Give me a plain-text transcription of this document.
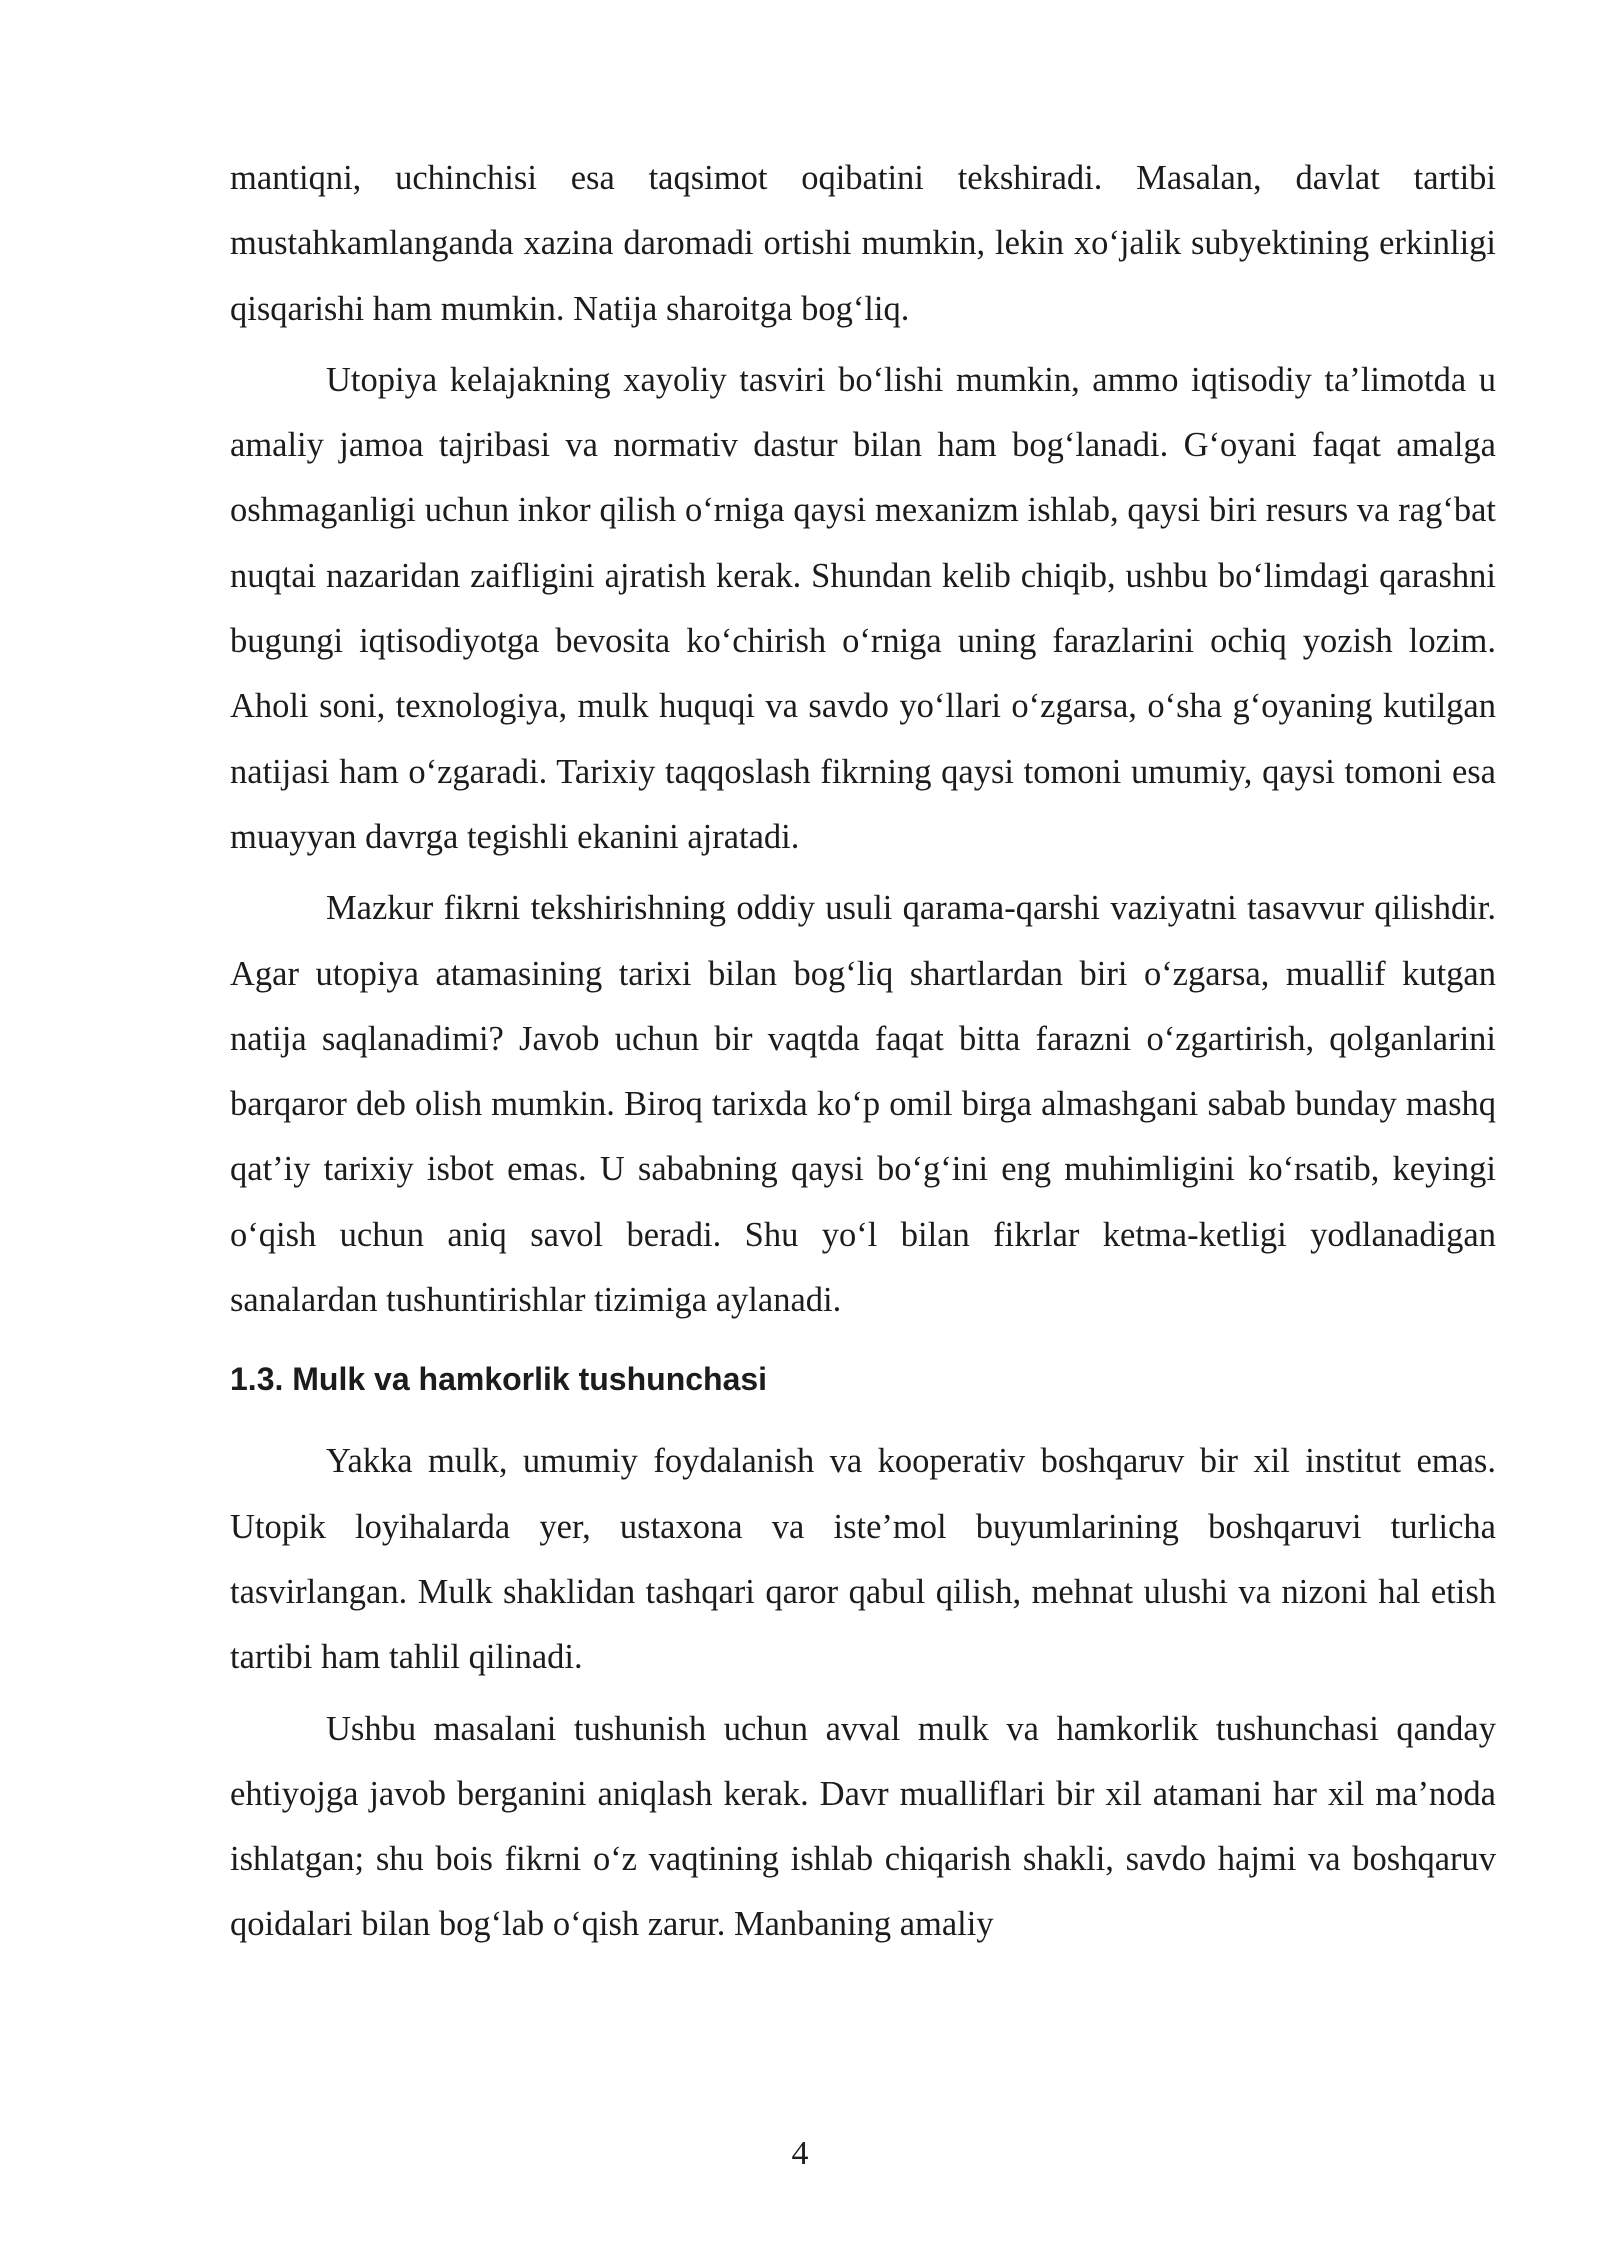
mantiqni, uchinchisi esa taqsimot oqibatini tekshiradi. Masalan, davlat tartibi mustahkamlanganda xazina daromadi ortishi mumkin, lekin xo‘jalik subyektining erkinligi qisqarishi ham mumkin. Natija sharoitga bog‘liq.

Utopiya kelajakning xayoliy tasviri bo‘lishi mumkin, ammo iqtisodiy ta’limotda u amaliy jamoa tajribasi va normativ dastur bilan ham bog‘lanadi. G‘oyani faqat amalga oshmaganligi uchun inkor qilish o‘rniga qaysi mexanizm ishlab, qaysi biri resurs va rag‘bat nuqtai nazaridan zaifligini ajratish kerak. Shundan kelib chiqib, ushbu bo‘limdagi qarashni bugungi iqtisodiyotga bevosita ko‘chirish o‘rniga uning farazlarini ochiq yozish lozim. Aholi soni, texnologiya, mulk huquqi va savdo yo‘llari o‘zgarsa, o‘sha g‘oyaning kutilgan natijasi ham o‘zgaradi. Tarixiy taqqoslash fikrning qaysi tomoni umumiy, qaysi tomoni esa muayyan davrga tegishli ekanini ajratadi.

Mazkur fikrni tekshirishning oddiy usuli qarama-qarshi vaziyatni tasavvur qilishdir. Agar utopiya atamasining tarixi bilan bog‘liq shartlardan biri o‘zgarsa, muallif kutgan natija saqlanadimi? Javob uchun bir vaqtda faqat bitta farazni o‘zgartirish, qolganlarini barqaror deb olish mumkin. Biroq tarixda ko‘p omil birga almashgani sabab bunday mashq qat’iy tarixiy isbot emas. U sababning qaysi bo‘g‘ini eng muhimligini ko‘rsatib, keyingi o‘qish uchun aniq savol beradi. Shu yo‘l bilan fikrlar ketma-ketligi yodlanadigan sanalardan tushuntirishlar tizimiga aylanadi.

1.3. Mulk va hamkorlik tushunchasi

Yakka mulk, umumiy foydalanish va kooperativ boshqaruv bir xil institut emas. Utopik loyihalarda yer, ustaxona va iste’mol buyumlarining boshqaruvi turlicha tasvirlangan. Mulk shaklidan tashqari qaror qabul qilish, mehnat ulushi va nizoni hal etish tartibi ham tahlil qilinadi.

Ushbu masalani tushunish uchun avval mulk va hamkorlik tushunchasi qanday ehtiyojga javob berganini aniqlash kerak. Davr mualliflari bir xil atamani har xil ma’noda ishlatgan; shu bois fikrni o‘z vaqtining ishlab chiqarish shakli, savdo hajmi va boshqaruv qoidalari bilan bog‘lab o‘qish zarur. Manbaning amaliy

4
